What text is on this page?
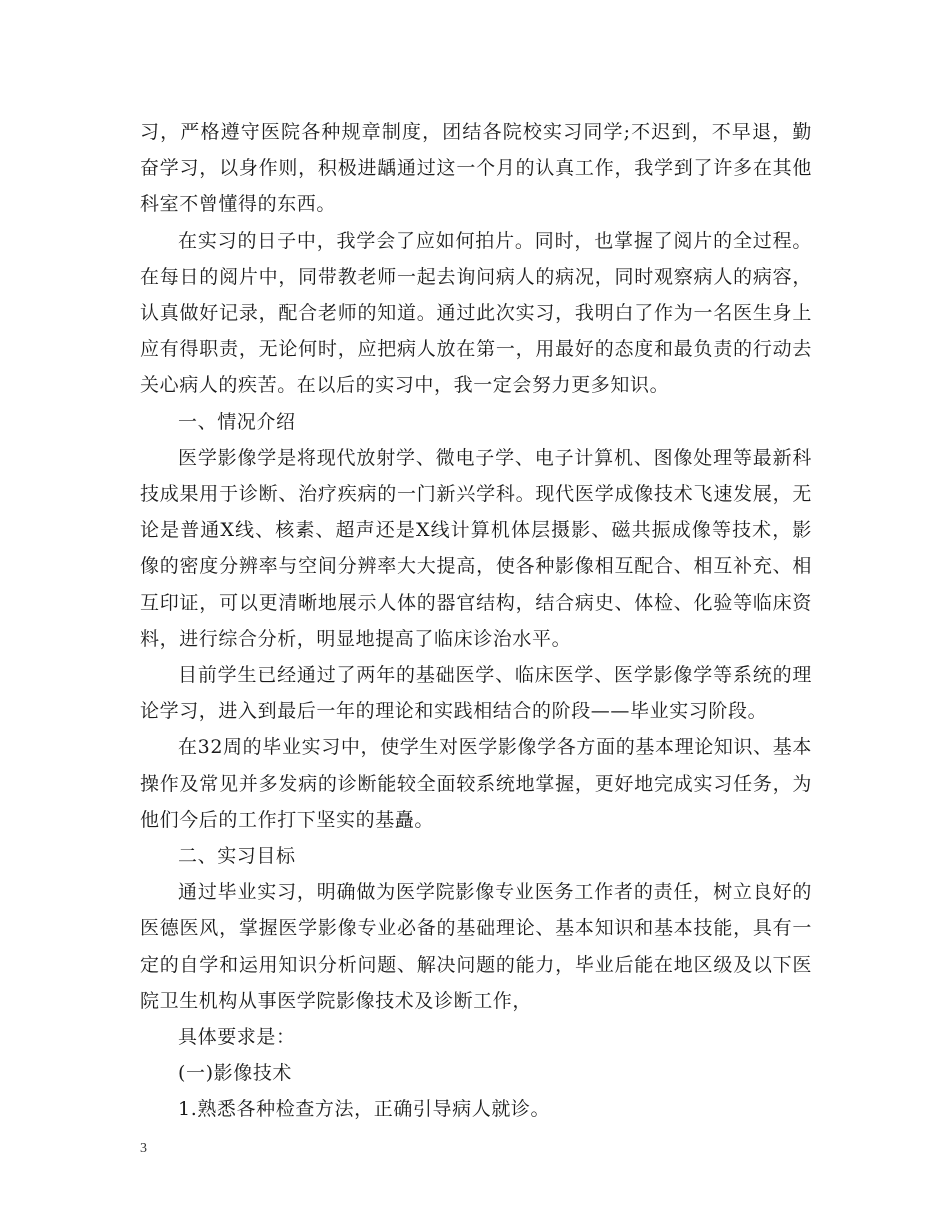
习，严格遵守医院各种规章制度，团结各院校实习同学;不迟到，不早退，勤奋学习，以身作则，积极进龋通过这一个月的认真工作，我学到了许多在其他科室不曾懂得的东西。

在实习的日子中，我学会了应如何拍片。同时，也掌握了阅片的全过程。在每日的阅片中，同带教老师一起去询问病人的病况，同时观察病人的病容，认真做好记录，配合老师的知道。通过此次实习，我明白了作为一名医生身上应有得职责，无论何时，应把病人放在第一，用最好的态度和最负责的行动去关心病人的疾苦。在以后的实习中，我一定会努力更多知识。

一、情况介绍

医学影像学是将现代放射学、微电子学、电子计算机、图像处理等最新科技成果用于诊断、治疗疾病的一门新兴学科。现代医学成像技术飞速发展，无论是普通X线、核素、超声还是X线计算机体层摄影、磁共振成像等技术，影像的密度分辨率与空间分辨率大大提高，使各种影像相互配合、相互补充、相互印证，可以更清晰地展示人体的器官结构，结合病史、体检、化验等临床资料，进行综合分析，明显地提高了临床诊治水平。

目前学生已经通过了两年的基础医学、临床医学、医学影像学等系统的理论学习，进入到最后一年的理论和实践相结合的阶段——毕业实习阶段。

在32周的毕业实习中，使学生对医学影像学各方面的基本理论知识、基本操作及常见并多发病的诊断能较全面较系统地掌握，更好地完成实习任务，为他们今后的工作打下坚实的基矗。

二、实习目标

通过毕业实习，明确做为医学院影像专业医务工作者的责任，树立良好的医德医风，掌握医学影像专业必备的基础理论、基本知识和基本技能，具有一定的自学和运用知识分析问题、解决问题的能力，毕业后能在地区级及以下医院卫生机构从事医学院影像技术及诊断工作，

具体要求是：

(一)影像技术

1.熟悉各种检查方法，正确引导病人就诊。

3
